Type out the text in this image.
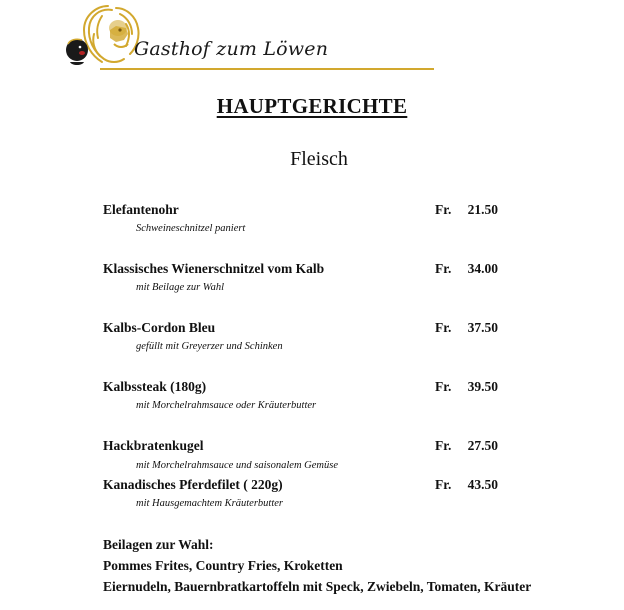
Gasthof zum Löwen
HAUPTGERICHTE
Fleisch
Elefantenohr	Fr.	21.50
Schweineschnitzel paniert
Klassisches Wienerschnitzel vom Kalb	Fr.	34.00
mit Beilage zur Wahl
Kalbs-Cordon Bleu	Fr.	37.50
gefüllt mit Greyerzer und Schinken
Kalbssteak (180g)	Fr.	39.50
mit Morchelrahmsauce oder Kräuterbutter
Hackbratenkugel	Fr.	27.50
mit Morchelrahmsauce und saisonalem Gemüse
Kanadisches Pferdefilet ( 220g)	Fr.	43.50
mit Hausgemachtem Kräuterbutter
Beilagen zur Wahl:
Pommes Frites, Country Fries, Kroketten
Eiernudeln, Bauernbratkartoffeln mit Speck, Zwiebeln, Tomaten, Kräuter
